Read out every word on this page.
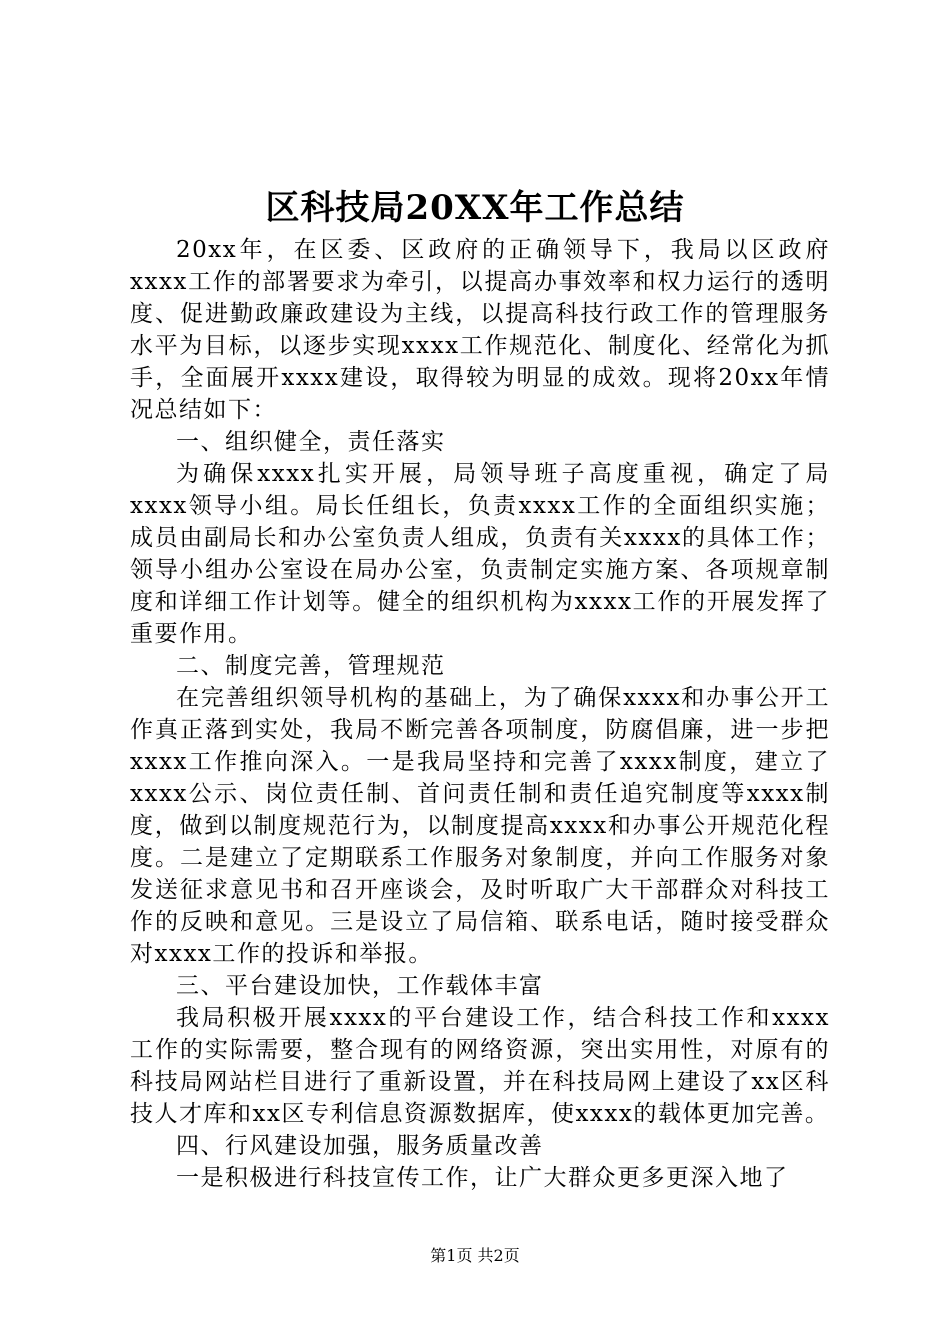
区科技局20XX年工作总结

20xx年，在区委、区政府的正确领导下，我局以区政府xxxx工作的部署要求为牵引，以提高办事效率和权力运行的透明度、促进勤政廉政建设为主线，以提高科技行政工作的管理服务水平为目标，以逐步实现xxxx工作规范化、制度化、经常化为抓手，全面展开xxxx建设，取得较为明显的成效。现将20xx年情况总结如下：

一、组织健全，责任落实

为确保xxxx扎实开展，局领导班子高度重视，确定了局xxxx领导小组。局长任组长，负责xxxx工作的全面组织实施；成员由副局长和办公室负责人组成，负责有关xxxx的具体工作；领导小组办公室设在局办公室，负责制定实施方案、各项规章制度和详细工作计划等。健全的组织机构为xxxx工作的开展发挥了重要作用。

二、制度完善，管理规范

在完善组织领导机构的基础上，为了确保xxxx和办事公开工作真正落到实处，我局不断完善各项制度，防腐倡廉，进一步把xxxx工作推向深入。一是我局坚持和完善了xxxx制度，建立了xxxx公示、岗位责任制、首问责任制和责任追究制度等xxxx制度，做到以制度规范行为，以制度提高xxxx和办事公开规范化程度。二是建立了定期联系工作服务对象制度，并向工作服务对象发送征求意见书和召开座谈会，及时听取广大干部群众对科技工作的反映和意见。三是设立了局信箱、联系电话，随时接受群众对xxxx工作的投诉和举报。

三、平台建设加快，工作载体丰富

我局积极开展xxxx的平台建设工作，结合科技工作和xxxx工作的实际需要，整合现有的网络资源，突出实用性，对原有的科技局网站栏目进行了重新设置，并在科技局网上建设了xx区科技人才库和xx区专利信息资源数据库，使xxxx的载体更加完善。

四、行风建设加强，服务质量改善

一是积极进行科技宣传工作，让广大群众更多更深入地了

第1页 共2页
